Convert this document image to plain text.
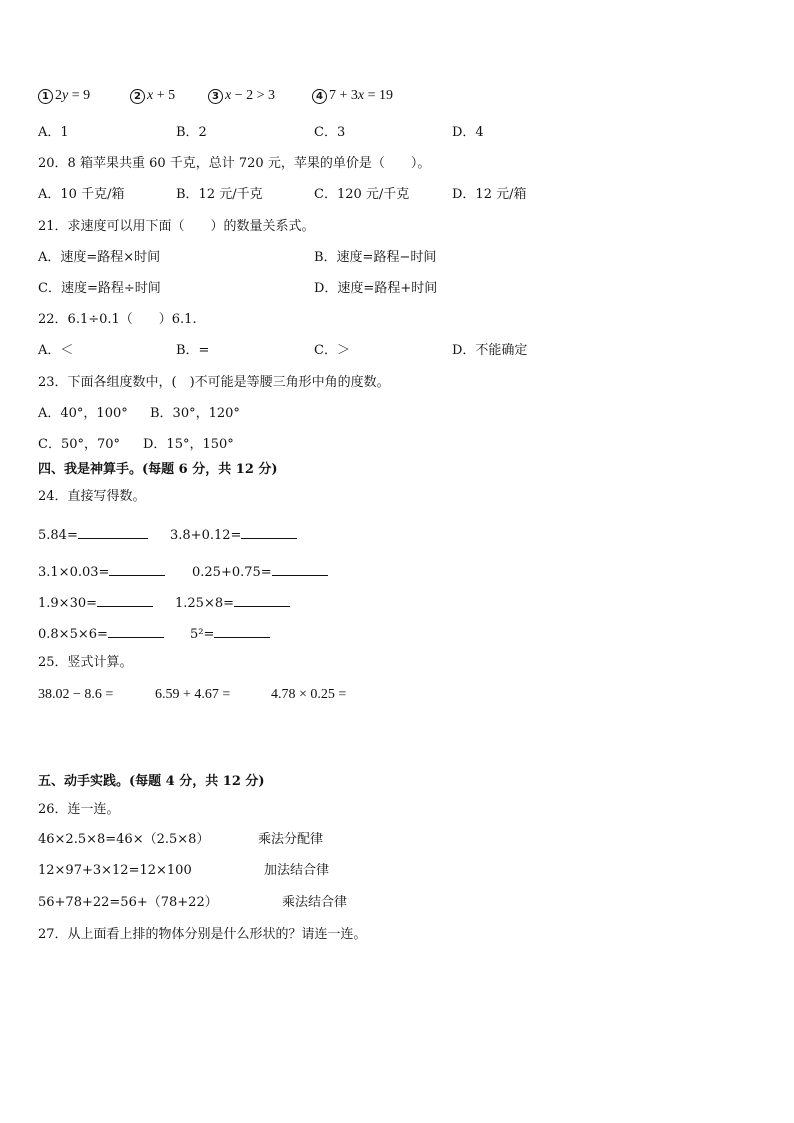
1 2y = 9	2 x + 5	3 x − 2 > 3	4 7 + 3x = 19
A．1	B．2	C．3	D．4
20．8 箱苹果共重 60 千克，总计 720 元，苹果的单价是（　　）。
A．10 千克/箱	B．12 元/千克	C．120 元/千克	D．12 元/箱
21．求速度可以用下面（　　）的数量关系式。
A．速度=路程×时间	B．速度=路程−时间
C．速度=路程÷时间	D．速度=路程+时间
22．6.1÷0.1（　　）6.1.
A．＜	B．=	C．＞	D．不能确定
23．下面各组度数中，(　)不可能是等腰三角形中角的度数。
A．40°，100° B．30°，120°
C．50°，70° D．15°，150°
四、我是神算手。(每题 6 分，共 12 分)
24．直接写得数。
5.84=	3.8+0.12=
3.1×0.03=	0.25+0.75=
1.9×30=	1.25×8=
0.8×5×6=	5²=
25．竖式计算。
38.02 − 8.6 =	6.59 + 4.67 =	4.78 × 0.25 =
五、动手实践。(每题 4 分，共 12 分)
26．连一连。
46×2.5×8=46×（2.5×8）	乘法分配律
12×97+3×12=12×100	加法结合律
56+78+22=56+（78+22）	乘法结合律
27．从上面看上排的物体分别是什么形状的？请连一连。
